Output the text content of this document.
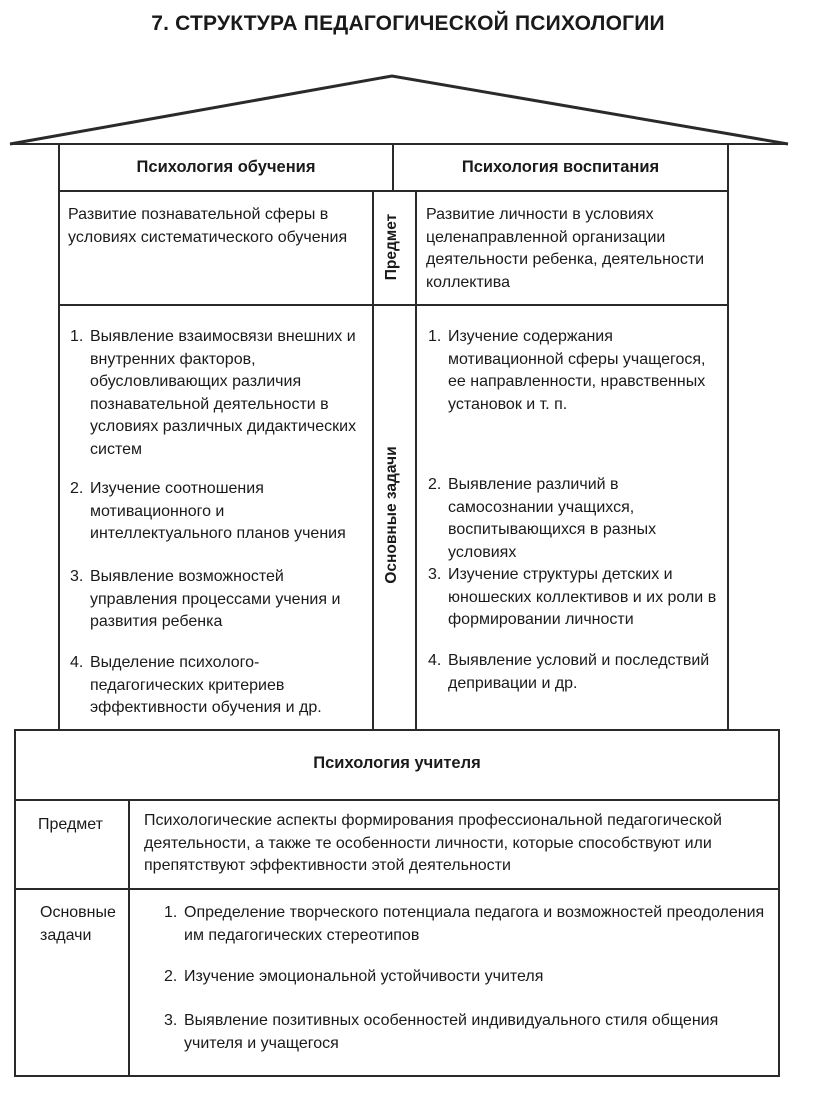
7. СТРУКТУРА ПЕДАГОГИЧЕСКОЙ ПСИХОЛОГИИ
Психология обучения	Психология воспитания
Предмет
Основные задачи
Развитие познавательной сферы в условиях систематического обучения
Развитие личности в условиях целенаправленной организации деятельности ребенка, деятельности коллектива
1. Выявление взаимосвязи внешних и внутренних факторов, обусловливающих различия познавательной деятельности в условиях различных дидактических систем
2. Изучение соотношения мотивационного и интеллектуального планов учения
3. Выявление возможностей управления процессами учения и развития ребенка
4. Выделение психолого-педагогических критериев эффективности обучения и др.
1. Изучение содержания мотивационной сферы учащегося, ее направленности, нравственных установок и т. п.
2. Выявление различий в самосознании учащихся, воспитывающихся в разных условиях
3. Изучение структуры детских и юношеских коллективов и их роли в формировании личности
4. Выявление условий и последствий депривации и др.
Психология учителя
Предмет	Психологические аспекты формирования профессиональной педагогической деятельности, а также те особенности личности, которые способствуют или препятствуют эффективности этой деятельности
Основные задачи
1. Определение творческого потенциала педагога и возможностей преодоления им педагогических стереотипов
2. Изучение эмоциональной устойчивости учителя
3. Выявление позитивных особенностей индивидуального стиля общения учителя и учащегося
